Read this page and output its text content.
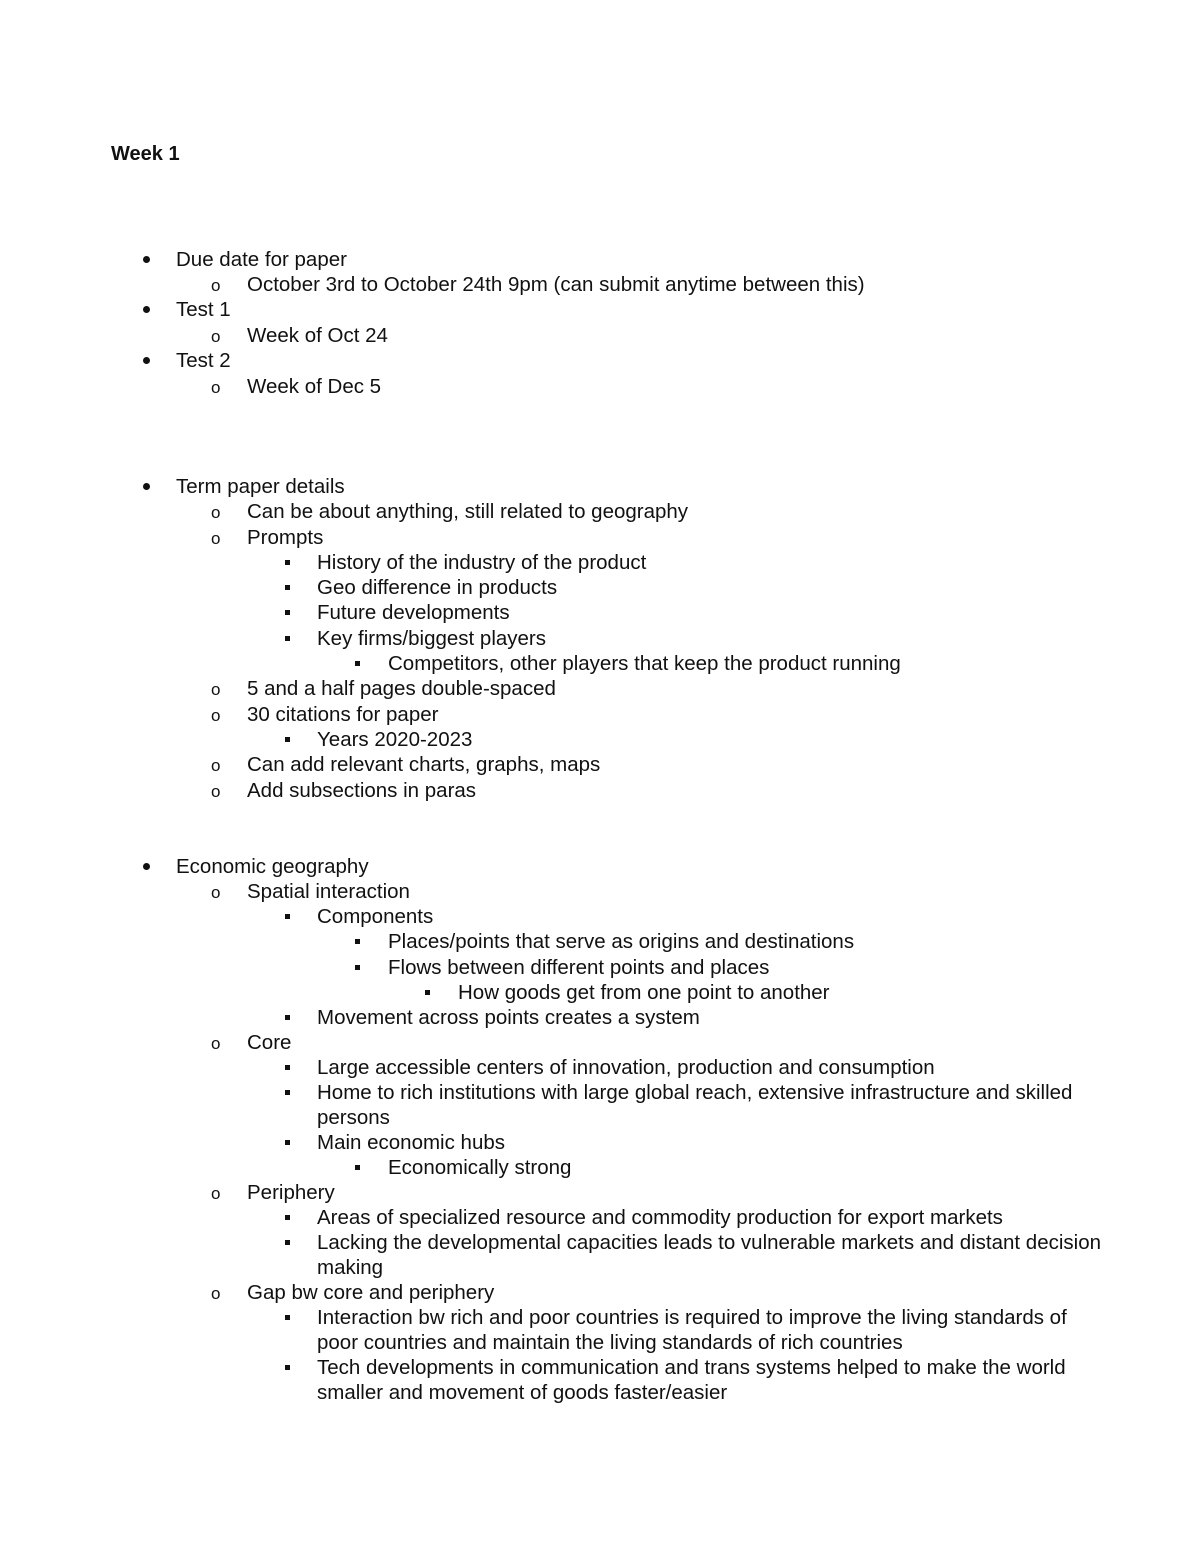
Week 1
Due date for paper
o October 3rd to October 24th 9pm (can submit anytime between this)
Test 1
o Week of Oct 24
Test 2
o Week of Dec 5
Term paper details
o Can be about anything, still related to geography
o Prompts
History of the industry of the product
Geo difference in products
Future developments
Key firms/biggest players
Competitors, other players that keep the product running
o 5 and a half pages double-spaced
o 30 citations for paper
Years 2020-2023
o Can add relevant charts, graphs, maps
o Add subsections in paras
Economic geography
o Spatial interaction
Components
Places/points that serve as origins and destinations
Flows between different points and places
How goods get from one point to another
Movement across points creates a system
o Core
Large accessible centers of innovation, production and consumption
Home to rich institutions with large global reach, extensive infrastructure and skilled persons
Main economic hubs
Economically strong
o Periphery
Areas of specialized resource and commodity production for export markets
Lacking the developmental capacities leads to vulnerable markets and distant decision making
o Gap bw core and periphery
Interaction bw rich and poor countries is required to improve the living standards of poor countries and maintain the living standards of rich countries
Tech developments in communication and trans systems helped to make the world smaller and movement of goods faster/easier
